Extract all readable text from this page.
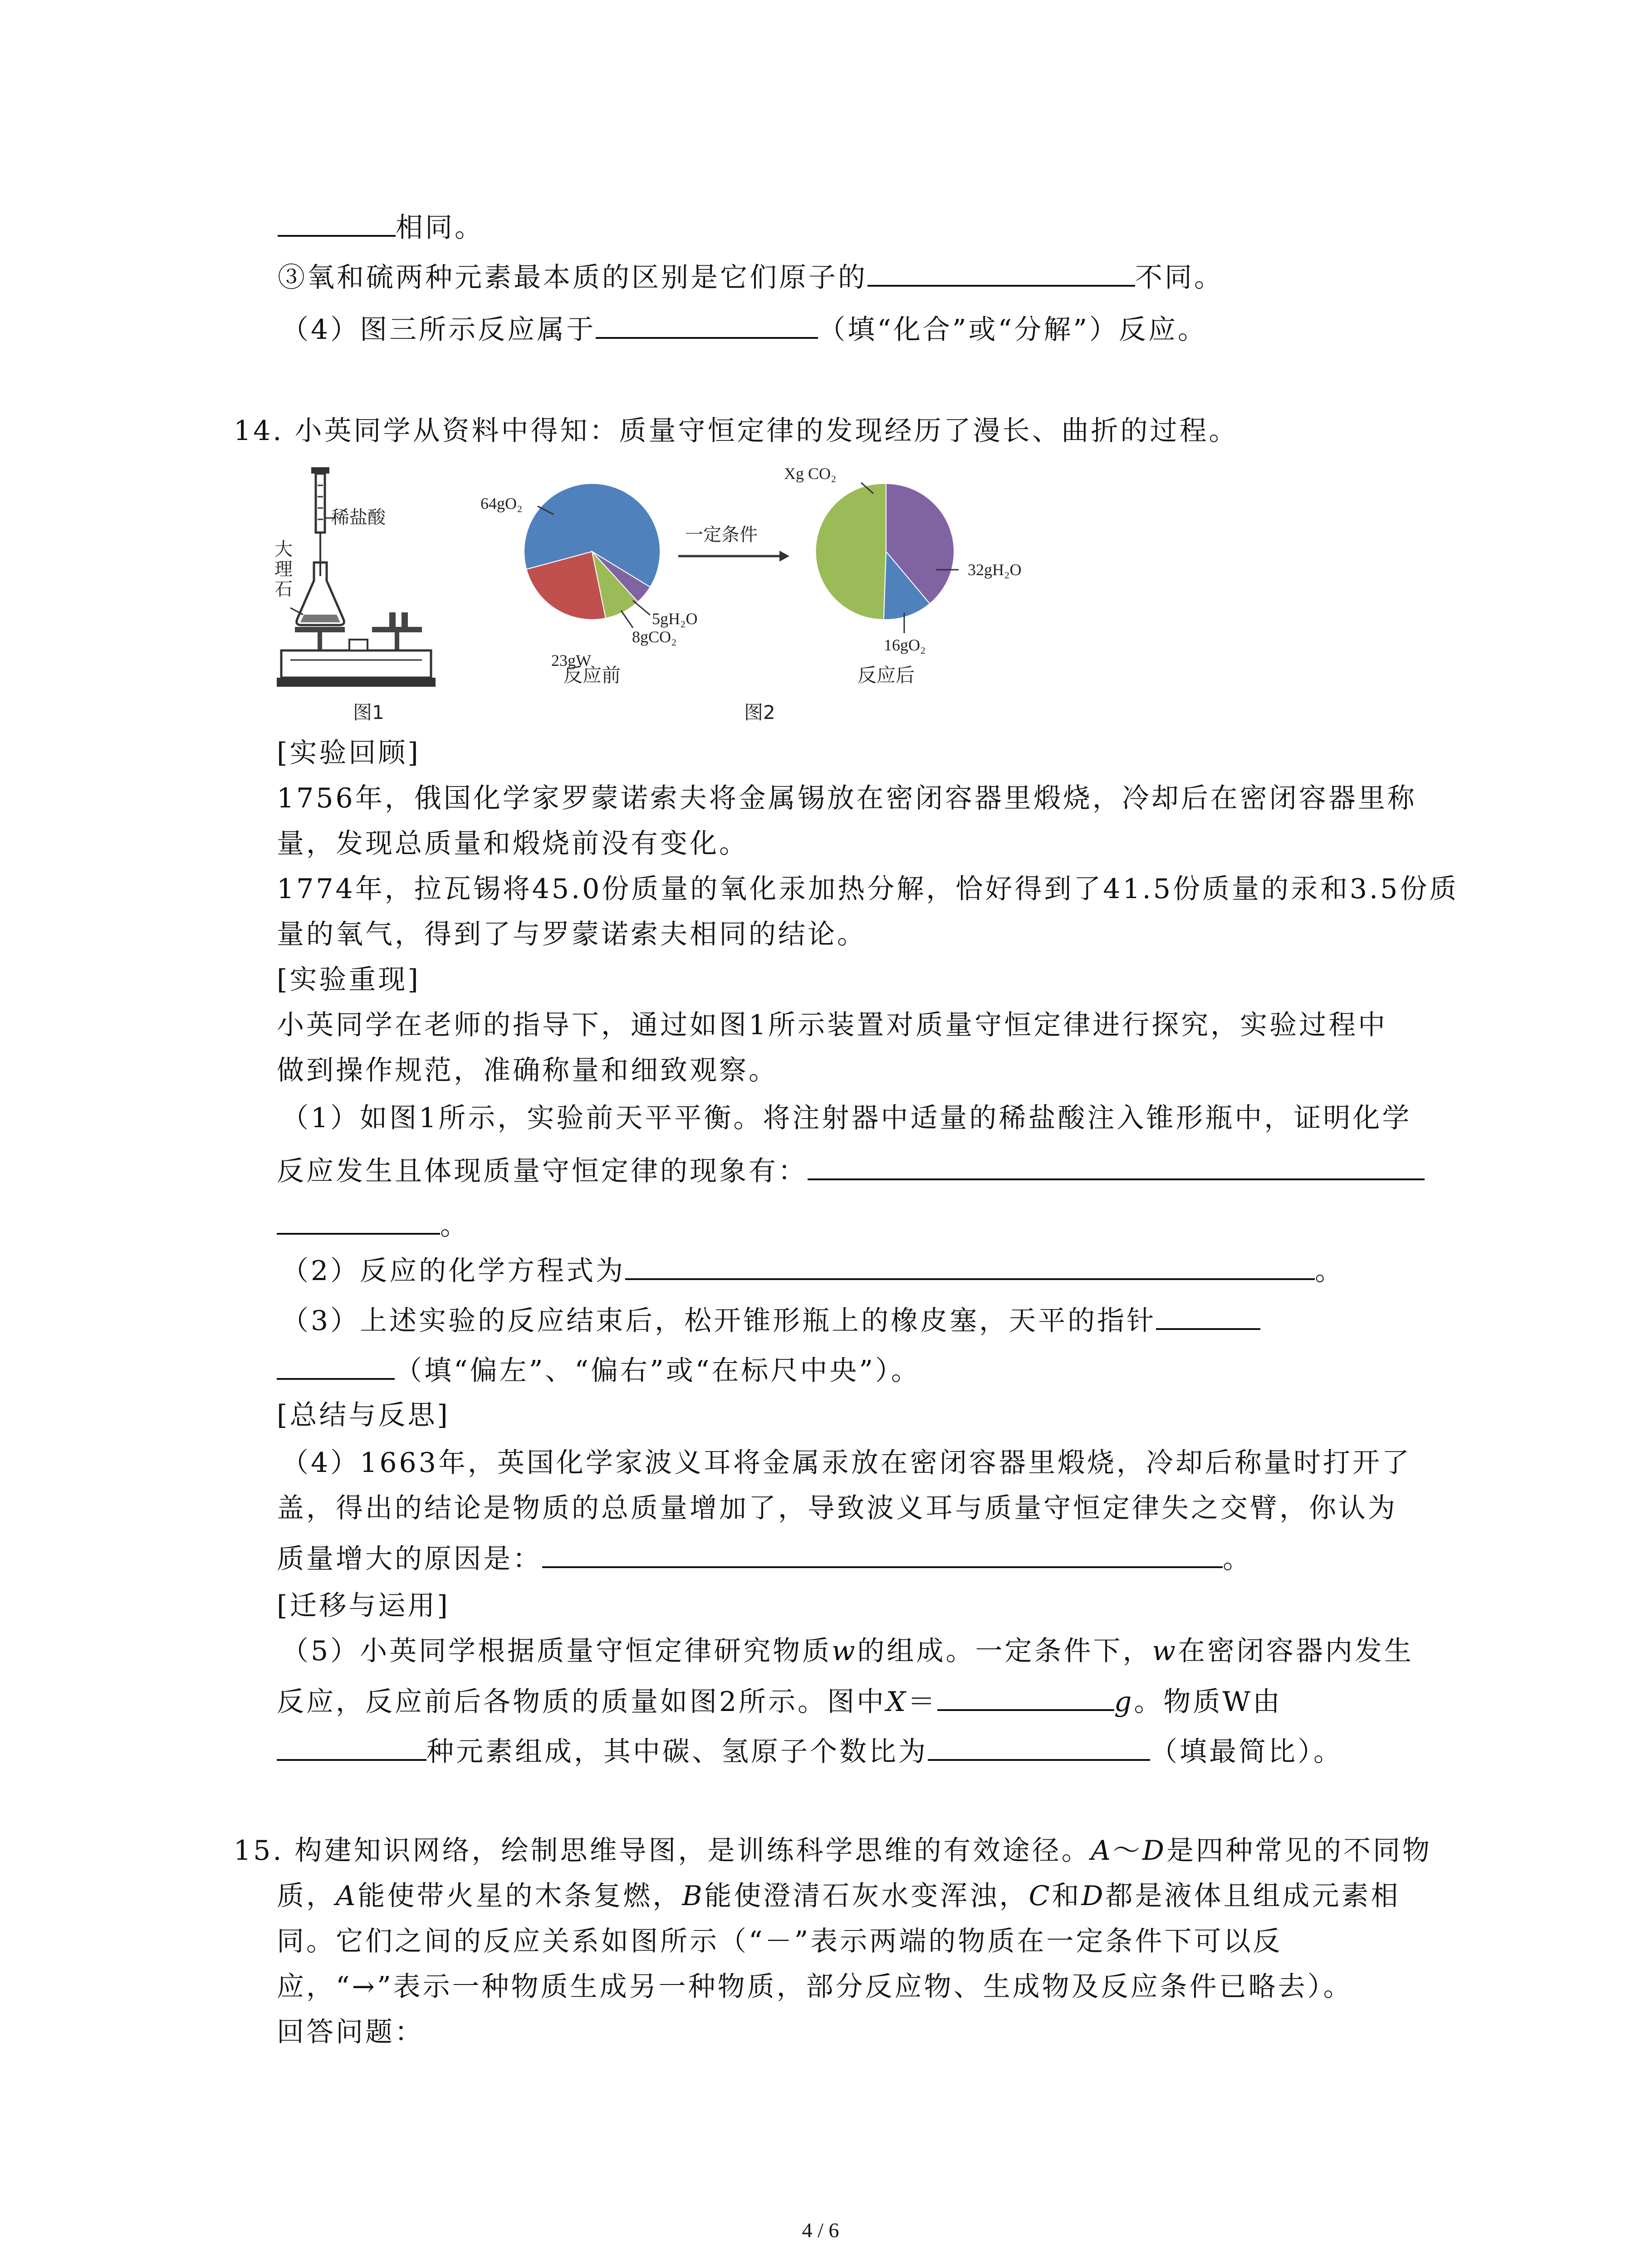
相同。
③氧和硫两种元素最本质的区别是它们原子的	不同。
（4）图三所示反应属于	（填“化合”或“分解”）反应。
14. 小英同学从资料中得知：质量守恒定律的发现经历了漫长、曲折的过程。
稀盐酸
大
理
石
图1
64gO₂
23gW
5gH₂O
8gCO₂
反应前
一定条件
Xg CO₂
32gH₂O
16gO₂
反应后
图2
[实验回顾]
1756年，俄国化学家罗蒙诺索夫将金属锡放在密闭容器里煅烧，冷却后在密闭容器里称
量，发现总质量和煅烧前没有变化。
1774年，拉瓦锡将45.0份质量的氧化汞加热分解，恰好得到了41.5份质量的汞和3.5份质
量的氧气，得到了与罗蒙诺索夫相同的结论。
[实验重现]
小英同学在老师的指导下，通过如图1所示装置对质量守恒定律进行探究，实验过程中
做到操作规范，准确称量和细致观察。
（1）如图1所示，实验前天平平衡。将注射器中适量的稀盐酸注入锥形瓶中，证明化学
反应发生且体现质量守恒定律的现象有：
。
（2）反应的化学方程式为	。
（3）上述实验的反应结束后，松开锥形瓶上的橡皮塞，天平的指针
（填“偏左”、“偏右”或“在标尺中央”）。
[总结与反思]
（4）1663年，英国化学家波义耳将金属汞放在密闭容器里煅烧，冷却后称量时打开了
盖，得出的结论是物质的总质量增加了，导致波义耳与质量守恒定律失之交臂，你认为
质量增大的原因是：	。
[迁移与运用]
（5）小英同学根据质量守恒定律研究物质w的组成。一定条件下，w在密闭容器内发生
反应，反应前后各物质的质量如图2所示。图中X＝	g。物质W由
种元素组成，其中碳、氢原子个数比为	（填最简比）。
15. 构建知识网络，绘制思维导图，是训练科学思维的有效途径。A～D是四种常见的不同物
质，A能使带火星的木条复燃，B能使澄清石灰水变浑浊，C和D都是液体且组成元素相
同。它们之间的反应关系如图所示（“－”表示两端的物质在一定条件下可以反
应，“→”表示一种物质生成另一种物质，部分反应物、生成物及反应条件已略去）。
回答问题：
4 / 6
